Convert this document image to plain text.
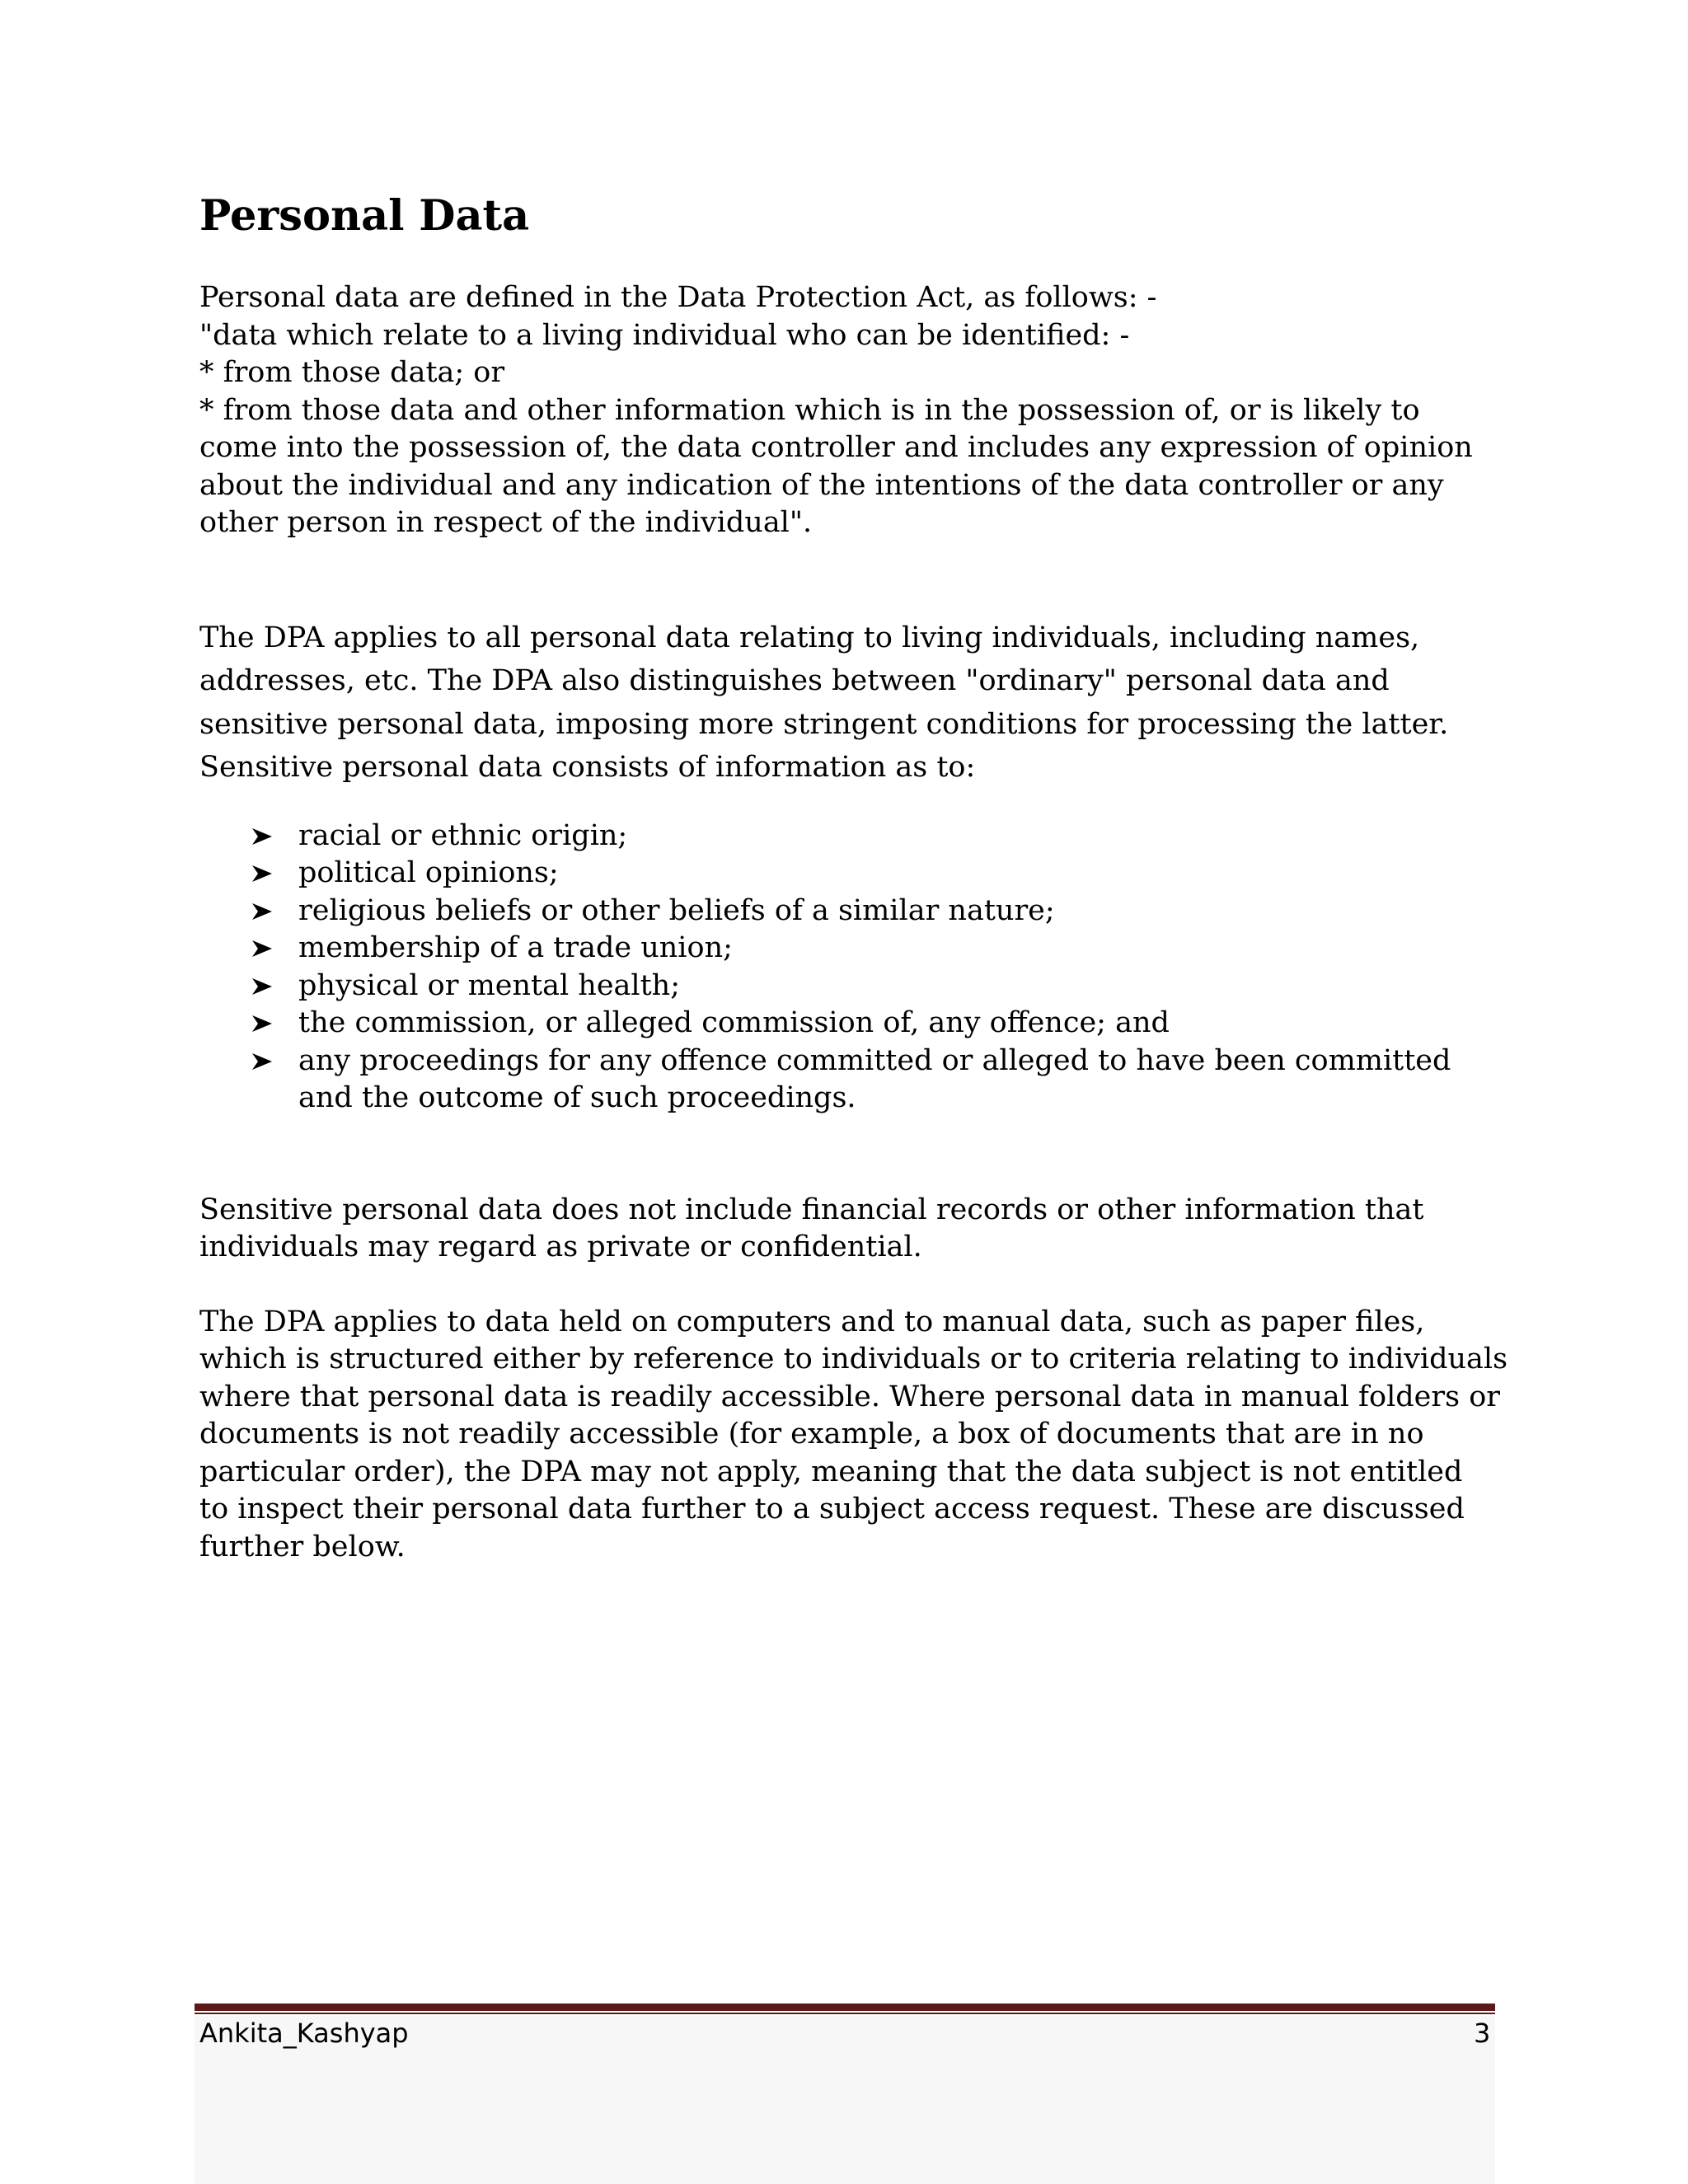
Personal Data

Personal data are defined in the Data Protection Act, as follows: -

"data which relate to a living individual who can be identified: -

* from those data; or

* from those data and other information which is in the possession of, or is likely to

come into the possession of, the data controller and includes any expression of opinion

about the individual and any indication of the intentions of the data controller or any

other person in respect of the individual".

The DPA applies to all personal data relating to living individuals, including names,

addresses, etc. The DPA also distinguishes between "ordinary" personal data and

sensitive personal data, imposing more stringent conditions for processing the latter.

Sensitive personal data consists of information as to:

racial or ethnic origin;
political opinions;
religious beliefs or other beliefs of a similar nature;
membership of a trade union;
physical or mental health;
the commission, or alleged commission of, any offence; and
any proceedings for any offence committed or alleged to have been committed
and the outcome of such proceedings.

Sensitive personal data does not include financial records or other information that

individuals may regard as private or confidential.

The DPA applies to data held on computers and to manual data, such as paper files,

which is structured either by reference to individuals or to criteria relating to individuals

where that personal data is readily accessible. Where personal data in manual folders or

documents is not readily accessible (for example, a box of documents that are in no

particular order), the DPA may not apply, meaning that the data subject is not entitled

to inspect their personal data further to a subject access request. These are discussed

further below.

Ankita_Kashyap	3
